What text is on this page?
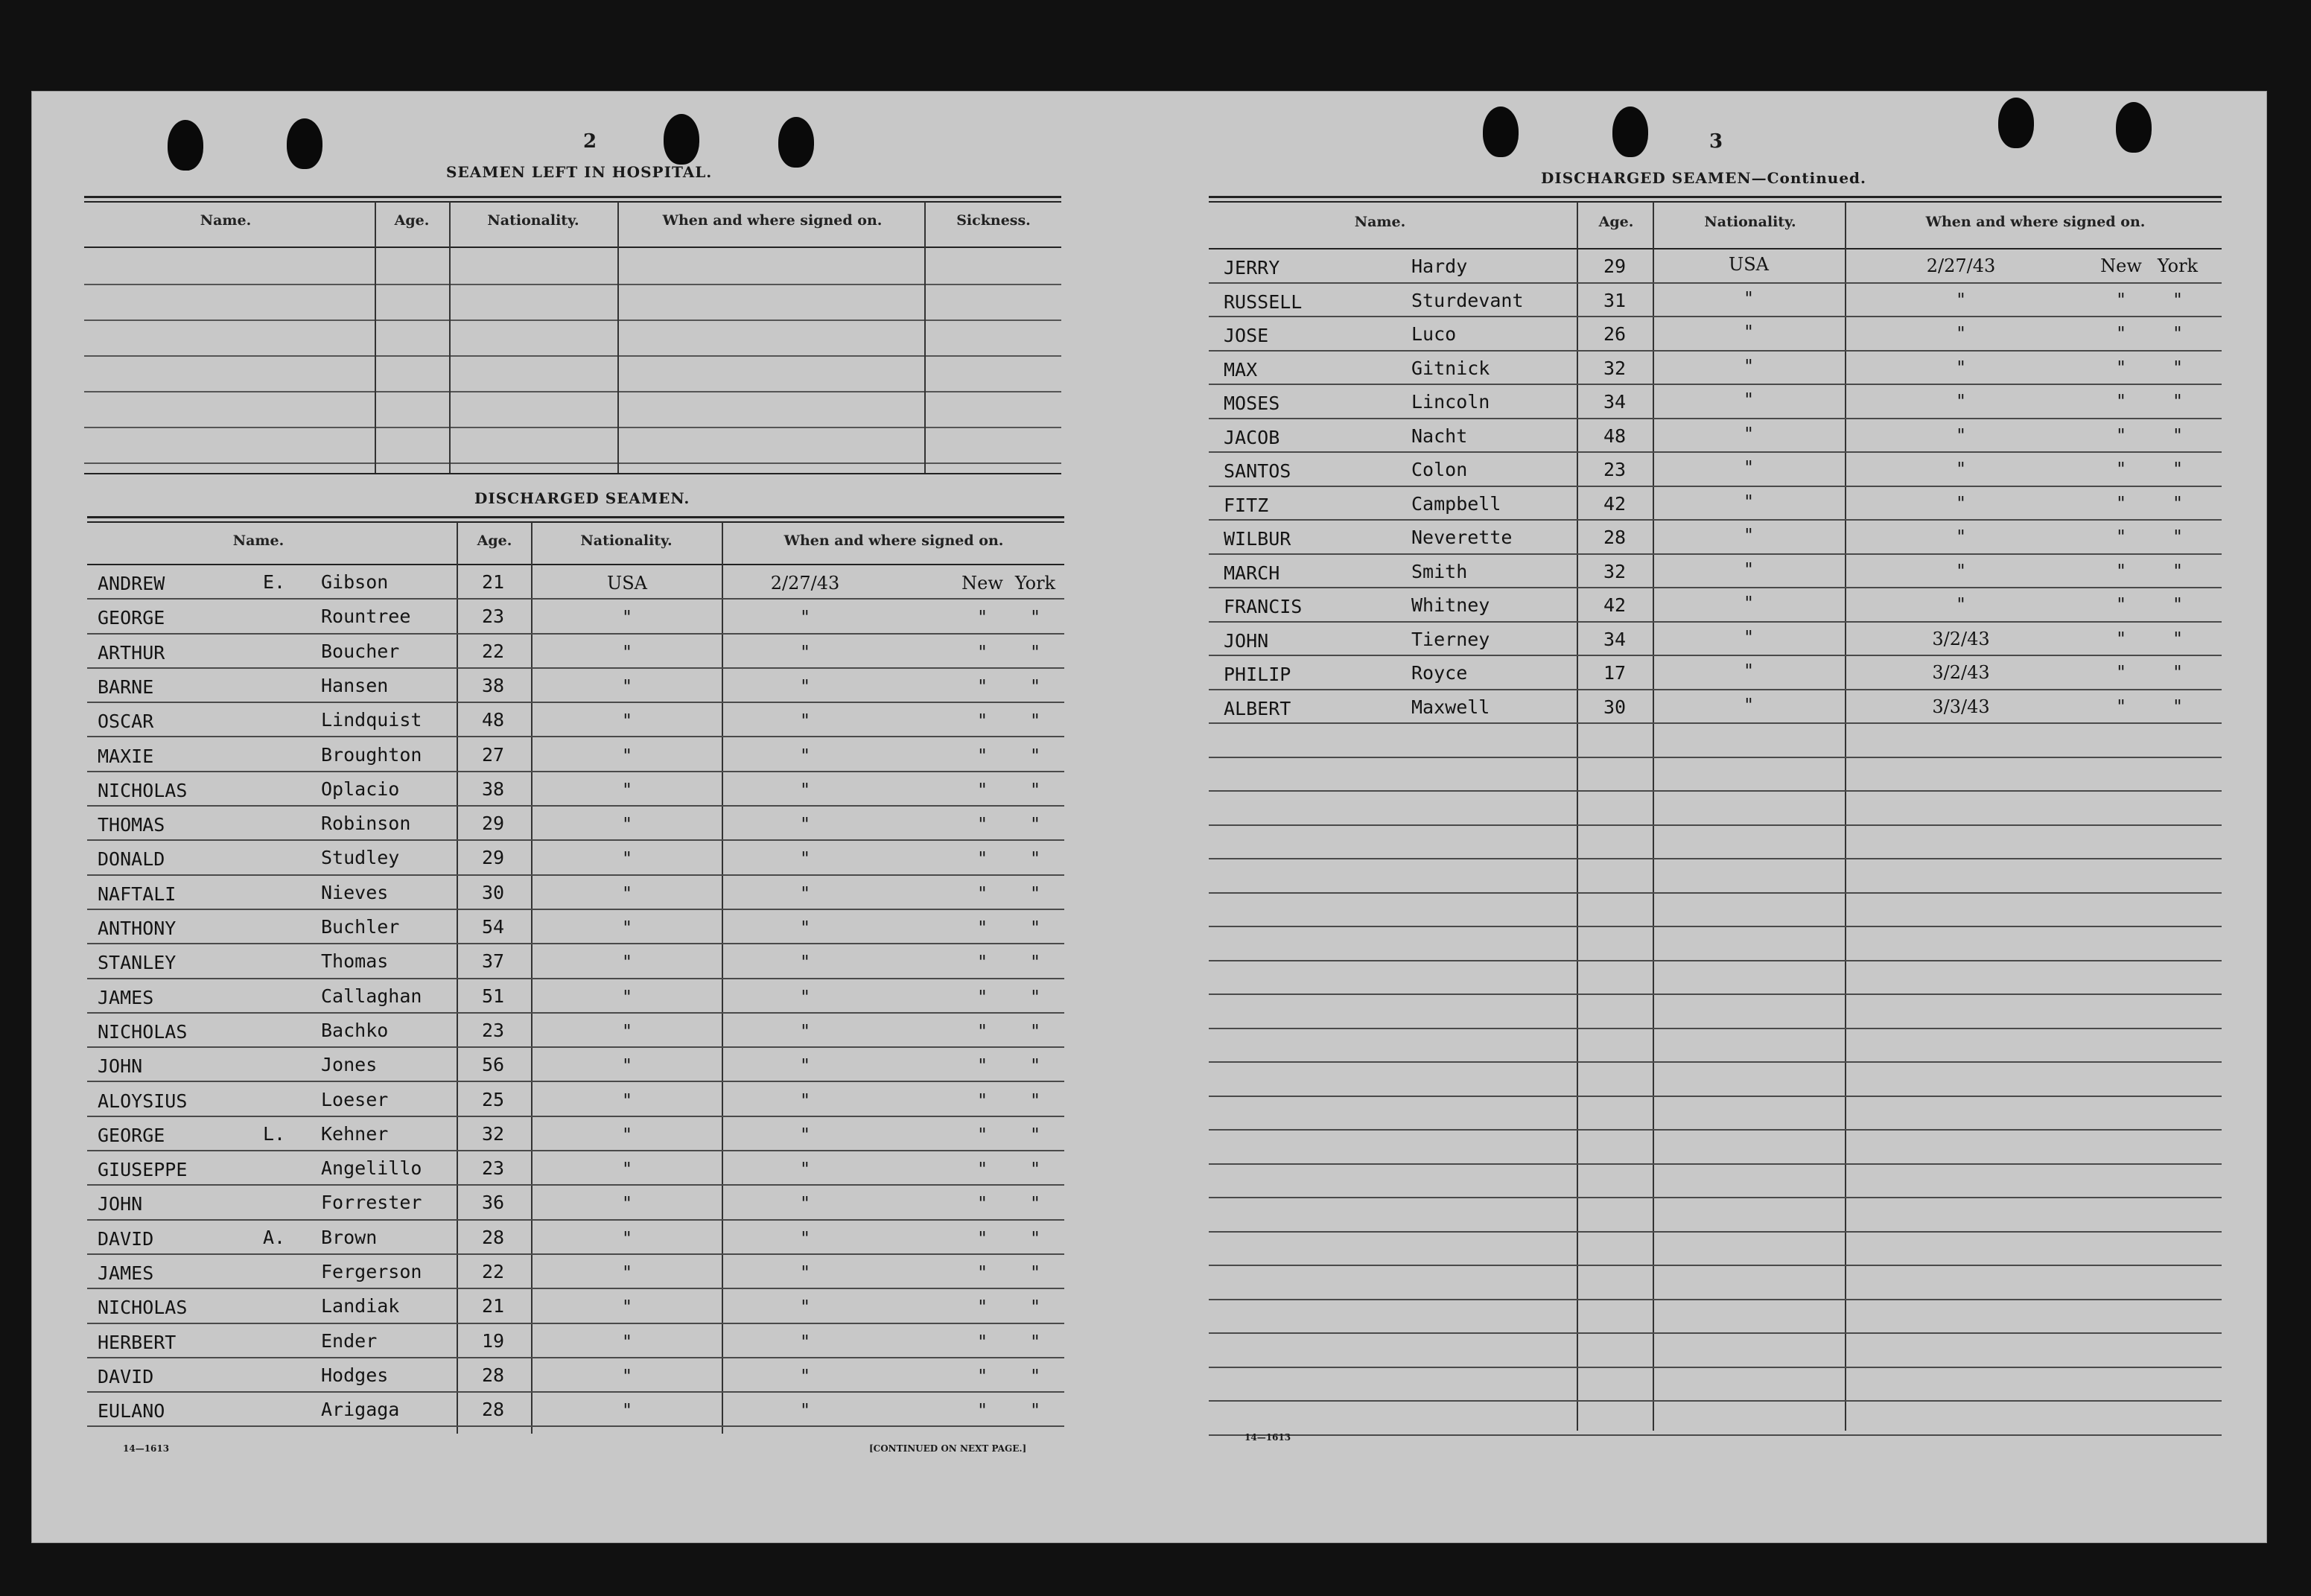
2
SEAMEN LEFT IN HOSPITAL.
Name.	Age.	Nationality.	When and where signed on.	Sickness.
DISCHARGED SEAMEN.
Name.	Age.	Nationality.	When and where signed on.
ANDREW	E. Gibson	21	USA	2/27/43	New York
GEORGE	Rountree	23	"	"	"	"
ARTHUR	Boucher	22	"	"	"	"
BARNE	Hansen	38	"	"	"	"
OSCAR	Lindquist	48	"	"	"	"
MAXIE	Broughton	27	"	"	"	"
NICHOLAS	Oplacio	38	"	"	"	"
THOMAS	Robinson	29	"	"	"	"
DONALD	Studley	29	"	"	"	"
NAFTALI	Nieves	30	"	"	"	"
ANTHONY	Buchler	54	"	"	"	"
STANLEY	Thomas	37	"	"	"	"
JAMES	Callaghan	51	"	"	"	"
NICHOLAS	Bachko	23	"	"	"	"
JOHN	Jones	56	"	"	"	"
ALOYSIUS	Loeser	25	"	"	"	"
GEORGE	L. Kehner	32	"	"	"	"
GIUSEPPE	Angelillo	23	"	"	"	"
JOHN	Forrester	36	"	"	"	"
DAVID	A. Brown	28	"	"	"	"
JAMES	Fergerson	22	"	"	"	"
NICHOLAS	Landiak	21	"	"	"	"
HERBERT	Ender	19	"	"	"	"
DAVID	Hodges	28	"	"	"	"
EULANO	Arigaga	28	"	"	"	"
14—1613	[CONTINUED ON NEXT PAGE.]
3
DISCHARGED SEAMEN—Continued.
Name.	Age.	Nationality.	When and where signed on.
JERRY	Hardy	29	USA	2/27/43	New York
RUSSELL	Sturdevant	31	"	"	"	"
JOSE	Luco	26	"	"	"	"
MAX	Gitnick	32	"	"	"	"
MOSES	Lincoln	34	"	"	"	"
JACOB	Nacht	48	"	"	"	"
SANTOS	Colon	23	"	"	"	"
FITZ	Campbell	42	"	"	"	"
WILBUR	Neverette	28	"	"	"	"
MARCH	Smith	32	"	"	"	"
FRANCIS	Whitney	42	"	"	"	"
JOHN	Tierney	34	"	3/2/43	"	"
PHILIP	Royce	17	"	3/2/43	"	"
ALBERT	Maxwell	30	"	3/3/43	"	"
14—1613
